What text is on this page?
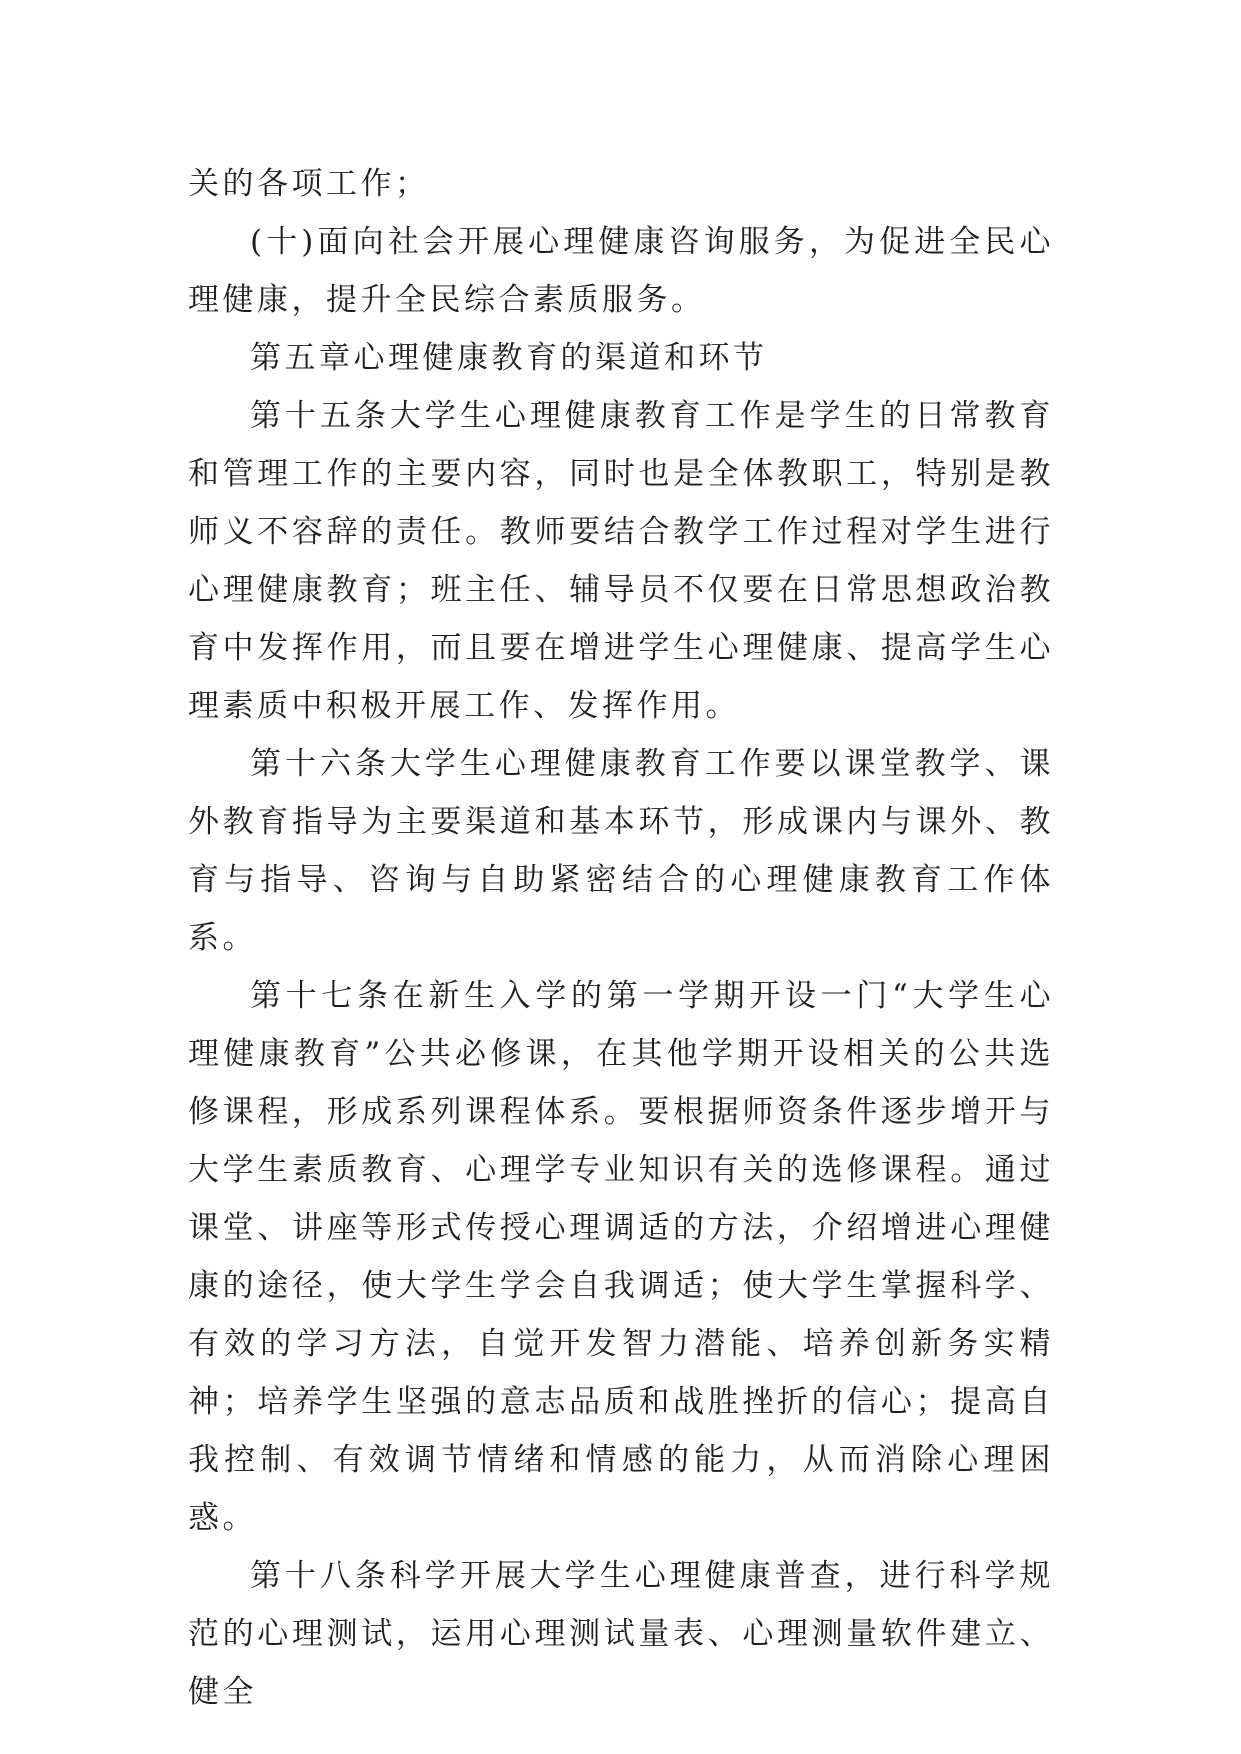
关的各项工作；

(十)面向社会开展心理健康咨询服务，为促进全民心理健康，提升全民综合素质服务。

第五章心理健康教育的渠道和环节

第十五条大学生心理健康教育工作是学生的日常教育和管理工作的主要内容，同时也是全体教职工，特别是教师义不容辞的责任。教师要结合教学工作过程对学生进行心理健康教育；班主任、辅导员不仅要在日常思想政治教育中发挥作用，而且要在增进学生心理健康、提高学生心理素质中积极开展工作、发挥作用。

第十六条大学生心理健康教育工作要以课堂教学、课外教育指导为主要渠道和基本环节，形成课内与课外、教育与指导、咨询与自助紧密结合的心理健康教育工作体系。

第十七条在新生入学的第一学期开设一门“大学生心理健康教育”公共必修课，在其他学期开设相关的公共选修课程，形成系列课程体系。要根据师资条件逐步增开与大学生素质教育、心理学专业知识有关的选修课程。通过课堂、讲座等形式传授心理调适的方法，介绍增进心理健康的途径，使大学生学会自我调适；使大学生掌握科学、有效的学习方法，自觉开发智力潜能、培养创新务实精神；培养学生坚强的意志品质和战胜挫折的信心；提高自我控制、有效调节情绪和情感的能力，从而消除心理困惑。

第十八条科学开展大学生心理健康普查，进行科学规范的心理测试，运用心理测试量表、心理测量软件建立、健全
